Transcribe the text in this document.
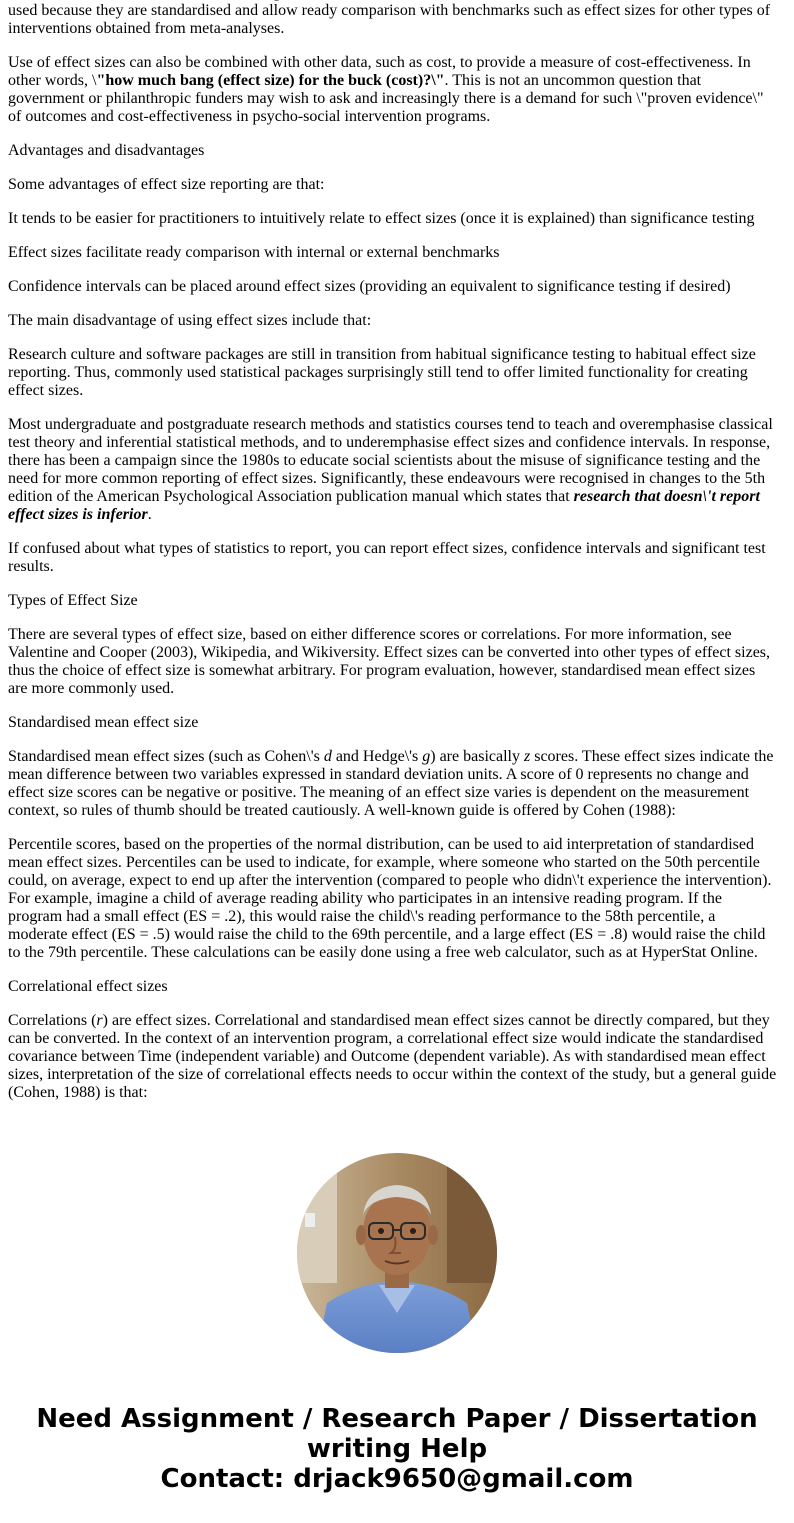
used because they are standardised and allow ready comparison with benchmarks such as effect sizes for other types of interventions obtained from meta-analyses.

Use of effect sizes can also be combined with other data, such as cost, to provide a measure of cost-effectiveness. In other words, \"how much bang (effect size) for the buck (cost)?\". This is not an uncommon question that government or philanthropic funders may wish to ask and increasingly there is a demand for such \"proven evidence\" of outcomes and cost-effectiveness in psycho-social intervention programs.

Advantages and disadvantages

Some advantages of effect size reporting are that:

It tends to be easier for practitioners to intuitively relate to effect sizes (once it is explained) than significance testing

Effect sizes facilitate ready comparison with internal or external benchmarks

Confidence intervals can be placed around effect sizes (providing an equivalent to significance testing if desired)

The main disadvantage of using effect sizes include that:

Research culture and software packages are still in transition from habitual significance testing to habitual effect size reporting. Thus, commonly used statistical packages surprisingly still tend to offer limited functionality for creating effect sizes.

Most undergraduate and postgraduate research methods and statistics courses tend to teach and overemphasise classical test theory and inferential statistical methods, and to underemphasise effect sizes and confidence intervals. In response, there has been a campaign since the 1980s to educate social scientists about the misuse of significance testing and the need for more common reporting of effect sizes. Significantly, these endeavours were recognised in changes to the 5th edition of the American Psychological Association publication manual which states that research that doesn\'t report effect sizes is inferior.

If confused about what types of statistics to report, you can report effect sizes, confidence intervals and significant test results.

Types of Effect Size

There are several types of effect size, based on either difference scores or correlations. For more information, see Valentine and Cooper (2003), Wikipedia, and Wikiversity. Effect sizes can be converted into other types of effect sizes, thus the choice of effect size is somewhat arbitrary. For program evaluation, however, standardised mean effect sizes are more commonly used.

Standardised mean effect size

Standardised mean effect sizes (such as Cohen\'s d and Hedge\'s g) are basically z scores. These effect sizes indicate the mean difference between two variables expressed in standard deviation units. A score of 0 represents no change and effect size scores can be negative or positive. The meaning of an effect size varies is dependent on the measurement context, so rules of thumb should be treated cautiously. A well-known guide is offered by Cohen (1988):

Percentile scores, based on the properties of the normal distribution, can be used to aid interpretation of standardised mean effect sizes. Percentiles can be used to indicate, for example, where someone who started on the 50th percentile could, on average, expect to end up after the intervention (compared to people who didn\'t experience the intervention). For example, imagine a child of average reading ability who participates in an intensive reading program. If the program had a small effect (ES = .2), this would raise the child\'s reading performance to the 58th percentile, a moderate effect (ES = .5) would raise the child to the 69th percentile, and a large effect (ES = .8) would raise the child to the 79th percentile. These calculations can be easily done using a free web calculator, such as at HyperStat Online.

Correlational effect sizes

Correlations (r) are effect sizes. Correlational and standardised mean effect sizes cannot be directly compared, but they can be converted. In the context of an intervention program, a correlational effect size would indicate the standardised covariance between Time (independent variable) and Outcome (dependent variable). As with standardised mean effect sizes, interpretation of the size of correlational effects needs to occur within the context of the study, but a general guide (Cohen, 1988) is that:

Need Assignment / Research Paper / Dissertation
writing Help
Contact: drjack9650@gmail.com
